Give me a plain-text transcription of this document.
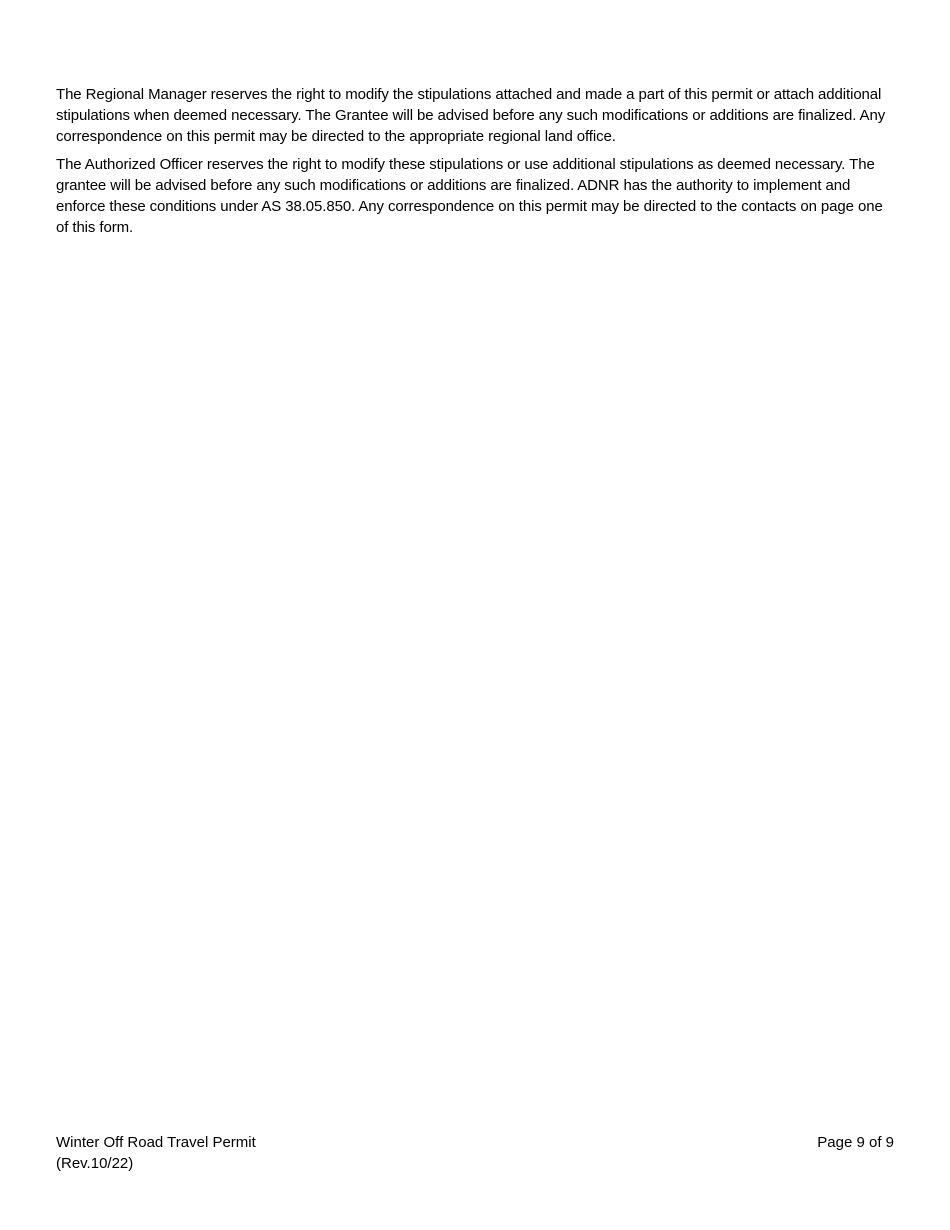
The Regional Manager reserves the right to modify the stipulations attached and made a part of this permit or attach additional stipulations when deemed necessary. The Grantee will be advised before any such modifications or additions are finalized. Any correspondence on this permit may be directed to the appropriate regional land office.

The Authorized Officer reserves the right to modify these stipulations or use additional stipulations as deemed necessary. The grantee will be advised before any such modifications or additions are finalized. ADNR has the authority to implement and enforce these conditions under AS 38.05.850. Any correspondence on this permit may be directed to the contacts on page one of this form.

Winter Off Road Travel Permit
(Rev.10/22)
Page 9 of 9
